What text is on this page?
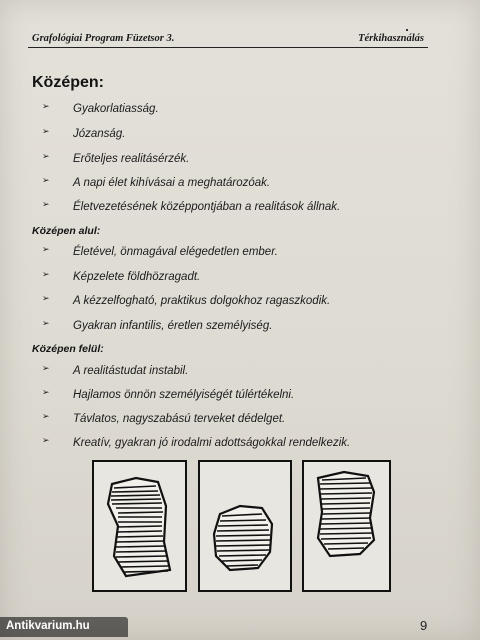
Grafológiai Program Füzetsor 3.	Térkihasználás
Középen:
➢ Gyakorlatiasság.
➢ Józanság.
➢ Erőteljes realitásérzék.
➢ A napi élet kihívásai a meghatározóak.
➢ Életvezetésének középpontjában a realitások állnak.
Középen alul:
➢ Életével, önmagával elégedetlen ember.
➢ Képzelete földhözragadt.
➢ A kézzelfogható, praktikus dolgokhoz ragaszkodik.
➢ Gyakran infantilis, éretlen személyiség.
Középen felül:
➢ A realitástudat instabil.
➢ Hajlamos önnön személyiségét túlértékelni.
➢ Távlatos, nagyszabású terveket dédelget.
➢ Kreatív, gyakran jó irodalmi adottságokkal rendelkezik.
9
Antikvarium.hu
